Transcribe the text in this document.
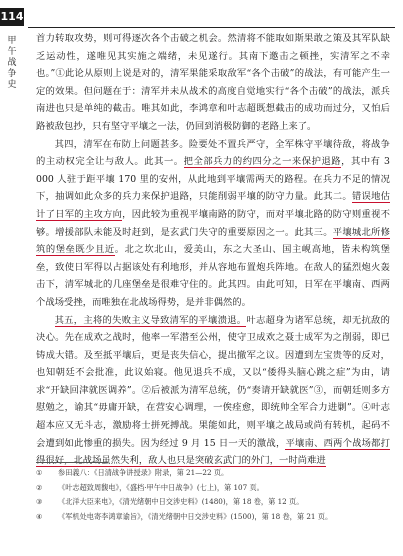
114
甲午战争史

首力转取攻势，则可得逐次各个击破之机会。然清将不能取如斯果敢之策及其军队缺乏运动性，遂唯见其实施之端绪，未见遂行。其南下邀击之顿挫，实清军之不幸也。”①此论从原则上说是对的，清军果能采取敌军“各个击破”的战法，有可能产生一定的效果。但问题在于：清军并未从战术的高度自觉地实行“各个击破”的战法，派兵南进也只是单纯的截击。唯其如此，李鸿章和叶志超既想截击的成功而过分，又怕后路被敌包抄，只有坚守平壤之一法，仍回到消极防御的老路上来了。

其四，清军在布防上问题甚多。险要处不置兵严守，全军株守平壤待敌，将战争的主动权完全让与敌人。此其一。把全部兵力的约四分之一来保护退路，其中有 3 000 人驻于距平壤 170 里的安州，从此地到平壤需两天的路程。在兵力不足的情况下，抽调如此众多的兵力来保护退路，只能削弱平壤的防守力量。此其二。错误地估计了日军的主攻方向，因此较为重视平壤南路的防守，而对平壤北路的防守则重视不够。增援部队未能及时赶到，是玄武门失守的重要原因之一。此其三。平壤城北所修筑的堡垒既少且近。北之坎北山，爱美山，东之大圣山、国主岘高地，皆未构筑堡垒，致使日军得以占据该处有利地形，并从容地布置炮兵阵地。在敌人的猛烈炮火轰击下，清军城北的几座堡垒是很难守住的。此其四。由此可知，日军在平壤南、西两个战场受挫，而唯独在北战场得势，是并非偶然的。

其五，主将的失败主义导致清军的平壤溃退。叶志超身为诸军总统，却无抗敌的决心。先在成欢之战时，他率一军潜至公州，使守卫成欢之聂士成军为之削弱，即已铸成大错。及至抵平壤后，更是丧失信心，提出撤军之议。因遭到左宝贵等的反对，也知朝廷不会批准，此议始寝。他见退兵不成，又以“倭得头脑心跳之症”为由，请求“开缺回津就医调养”。②后被派为清军总统，仍“奏请开缺就医”③，而朝廷则多方慰勉之，谕其“毋庸开缺，在营安心调理，一俟痊愈，即统帅全军合力进剿”。④叶志超本应又无斗志，激励将士拼死搏战。果能如此，则平壤之战局或尚有转机，起码不会遭到如此惨重的损失。因为经过 9 月 15 日一天的激战，平壤南、西两个战场都打得很好，北战场虽然失利，敌人也只是突破玄武门的外门，一时尚难进

①	参田義八：《日清战争讲授录》附录，第 21—22 页。
②	《叶志超致周馥电》，《盛档·甲午中日战争》(七上)，第 107 页。
③	《北洋大臣来电》，《清光绪朝中日交涉史料》(1480)，第 18 卷，第 12 页。
④	《军机处电寄李鸿章谕旨》，《清光绪朝中日交涉史料》(1500)，第 18 卷，第 21 页。
